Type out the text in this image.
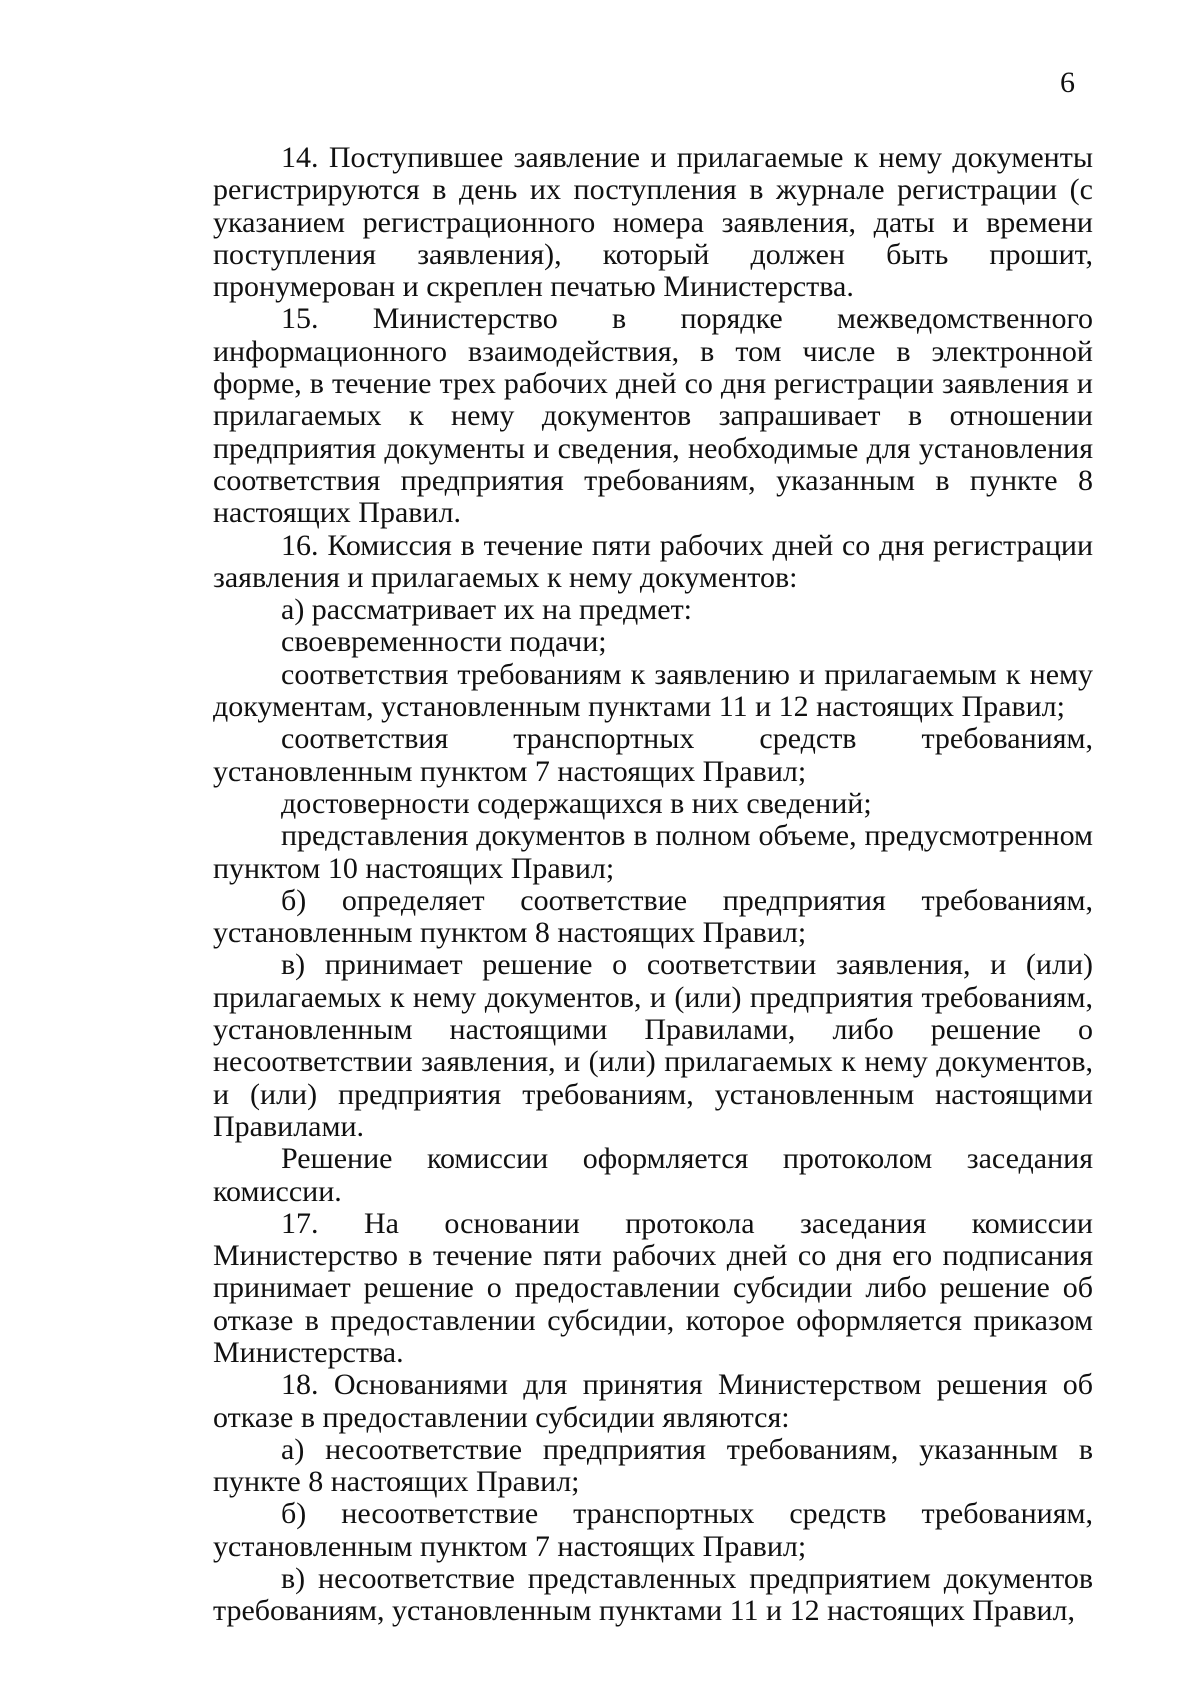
6

14. Поступившее заявление и прилагаемые к нему документы регистрируются в день их поступления в журнале регистрации (с указанием регистрационного номера заявления, даты и времени поступления заявления), который должен быть прошит, пронумерован и скреплен печатью Министерства.

15. Министерство в порядке межведомственного информационного взаимодействия, в том числе в электронной форме, в течение трех рабочих дней со дня регистрации заявления и прилагаемых к нему документов запрашивает в отношении предприятия документы и сведения, необходимые для установления соответствия предприятия требованиям, указанным в пункте 8 настоящих Правил.

16. Комиссия в течение пяти рабочих дней со дня регистрации заявления и прилагаемых к нему документов:

а) рассматривает их на предмет:

своевременности подачи;

соответствия требованиям к заявлению и прилагаемым к нему документам, установленным пунктами 11 и 12 настоящих Правил;

соответствия транспортных средств требованиям, установленным пунктом 7 настоящих Правил;

достоверности содержащихся в них сведений;

представления документов в полном объеме, предусмотренном пунктом 10 настоящих Правил;

б) определяет соответствие предприятия требованиям, установленным пунктом 8 настоящих Правил;

в) принимает решение о соответствии заявления, и (или) прилагаемых к нему документов, и (или) предприятия требованиям, установленным настоящими Правилами, либо решение о несоответствии заявления, и (или) прилагаемых к нему документов, и (или) предприятия требованиям, установленным настоящими Правилами.

Решение комиссии оформляется протоколом заседания комиссии.

17. На основании протокола заседания комиссии Министерство в течение пяти рабочих дней со дня его подписания принимает решение о предоставлении субсидии либо решение об отказе в предоставлении субсидии, которое оформляется приказом Министерства.

18. Основаниями для принятия Министерством решения об отказе в предоставлении субсидии являются:

а) несоответствие предприятия требованиям, указанным в пункте 8 настоящих Правил;

б) несоответствие транспортных средств требованиям, установленным пунктом 7 настоящих Правил;

в) несоответствие представленных предприятием документов требованиям, установленным пунктами 11 и 12 настоящих Правил,
